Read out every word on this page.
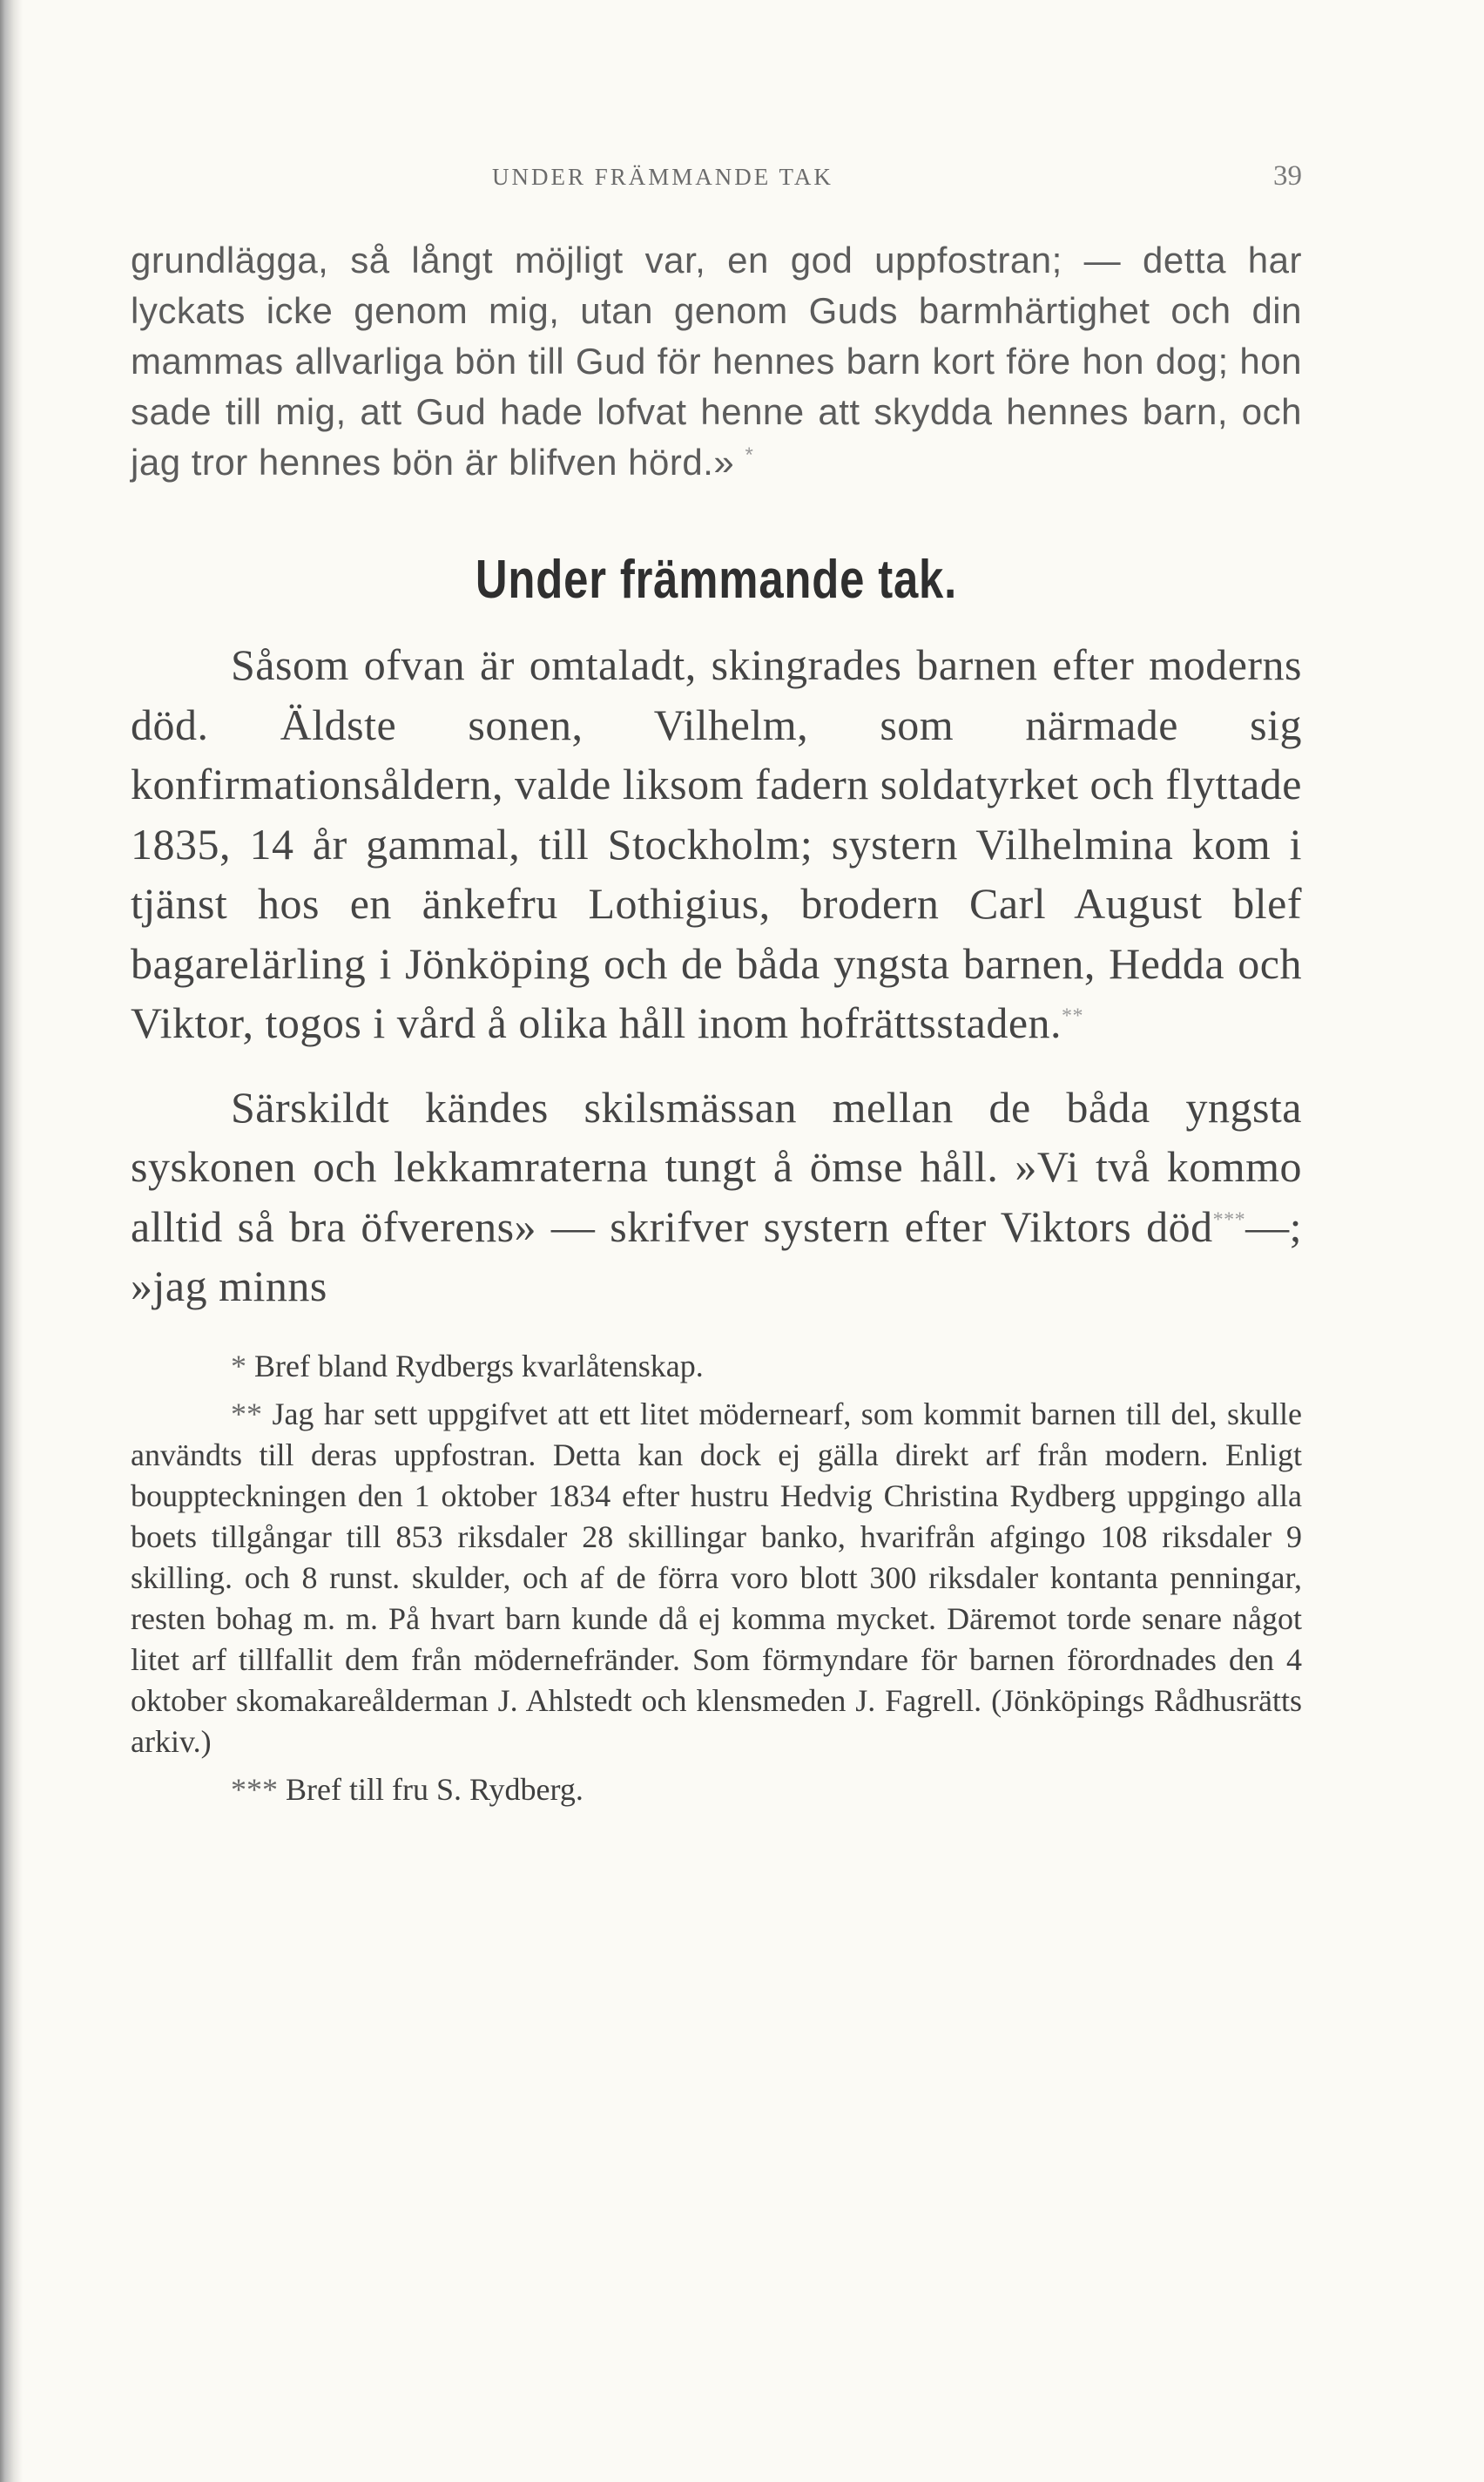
UNDER FRÄMMANDE TAK	39

grundlägga, så långt möjligt var, en god uppfostran; — detta har lyckats icke genom mig, utan genom Guds barmhärtighet och din mammas allvarliga bön till Gud för hennes barn kort före hon dog; hon sade till mig, att Gud hade lofvat henne att skydda hennes barn, och jag tror hennes bön är blifven hörd.» *

Under främmande tak.

Såsom ofvan är omtaladt, skingrades barnen efter moderns död. Äldste sonen, Vilhelm, som närmade sig konfirmationsåldern, valde liksom fadern soldatyrket och flyttade 1835, 14 år gammal, till Stockholm; systern Vilhelmina kom i tjänst hos en änkefru Lothigius, brodern Carl August blef bagarelärling i Jönköping och de båda yngsta barnen, Hedda och Viktor, togos i vård å olika håll inom hofrättsstaden.**

Särskildt kändes skilsmässan mellan de båda yngsta syskonen och lekkamraterna tungt å ömse håll. »Vi två kommo alltid så bra öfverens» — skrifver systern efter Viktors död***—; »jag minns

* Bref bland Rydbergs kvarlåtenskap.

** Jag har sett uppgifvet att ett litet mödernearf, som kommit barnen till del, skulle användts till deras uppfostran. Detta kan dock ej gälla direkt arf från modern. Enligt bouppteckningen den 1 oktober 1834 efter hustru Hedvig Christina Rydberg uppgingo alla boets tillgångar till 853 riksdaler 28 skillingar banko, hvarifrån afgingo 108 riksdaler 9 skilling. och 8 runst. skulder, och af de förra voro blott 300 riksdaler kontanta penningar, resten bohag m. m. På hvart barn kunde då ej komma mycket. Däremot torde senare något litet arf tillfallit dem från mödernefränder. Som förmyndare för barnen förordnades den 4 oktober skomakareålderman J. Ahlstedt och klensmeden J. Fagrell. (Jönköpings Rådhusrätts arkiv.)

*** Bref till fru S. Rydberg.
